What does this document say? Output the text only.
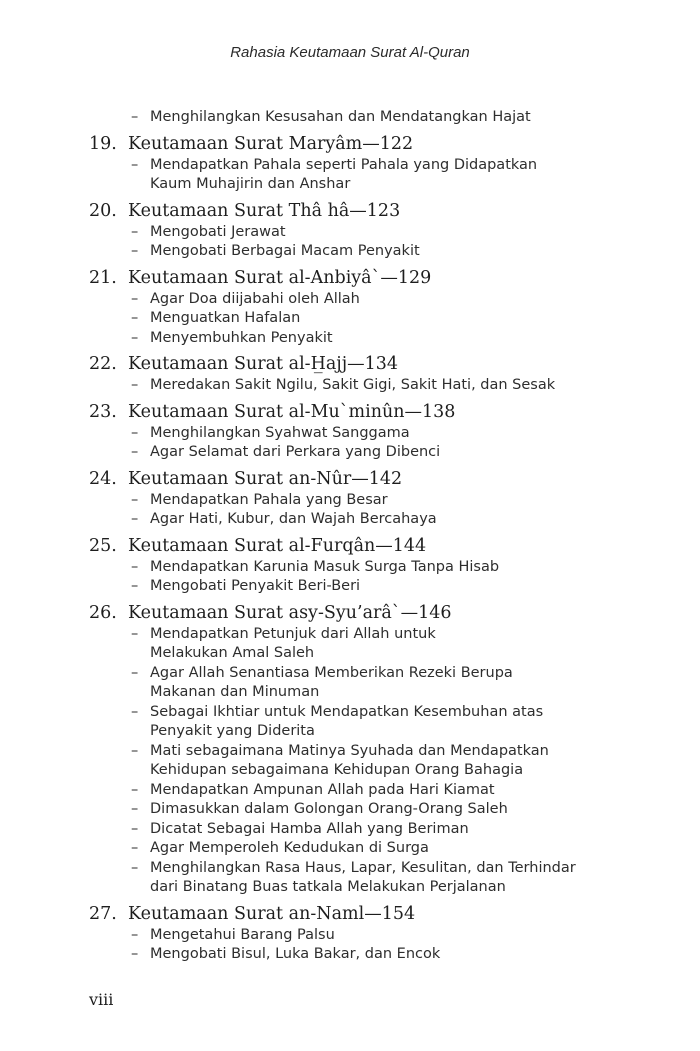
Rahasia Keutamaan Surat Al-Quran
– Menghilangkan Kesusahan dan Mendatangkan Hajat
19. Keutamaan Surat Maryâm—122
– Mendapatkan Pahala seperti Pahala yang Didapatkan
Kaum Muhajirin dan Anshar
20. Keutamaan Surat Thâ hâ—123
– Mengobati Jerawat
– Mengobati Berbagai Macam Penyakit
21. Keutamaan Surat al-Anbiyâ`—129
– Agar Doa diijabahi oleh Allah
– Menguatkan Hafalan
– Menyembuhkan Penyakit
22. Keutamaan Surat al-H̲ajj—134
– Meredakan Sakit Ngilu, Sakit Gigi, Sakit Hati, dan Sesak
23. Keutamaan Surat al-Mu`minûn—138
– Menghilangkan Syahwat Sanggama
– Agar Selamat dari Perkara yang Dibenci
24. Keutamaan Surat an-Nûr—142
– Mendapatkan Pahala yang Besar
– Agar Hati, Kubur, dan Wajah Bercahaya
25. Keutamaan Surat al-Furqân—144
– Mendapatkan Karunia Masuk Surga Tanpa Hisab
– Mengobati Penyakit Beri-Beri
26. Keutamaan Surat asy-Syu’arâ`—146
– Mendapatkan Petunjuk dari Allah untuk
Melakukan Amal Saleh
– Agar Allah Senantiasa Memberikan Rezeki Berupa
Makanan dan Minuman
– Sebagai Ikhtiar untuk Mendapatkan Kesembuhan atas
Penyakit yang Diderita
– Mati sebagaimana Matinya Syuhada dan Mendapatkan
Kehidupan sebagaimana Kehidupan Orang Bahagia
– Mendapatkan Ampunan Allah pada Hari Kiamat
– Dimasukkan dalam Golongan Orang-Orang Saleh
– Dicatat Sebagai Hamba Allah yang Beriman
– Agar Memperoleh Kedudukan di Surga
– Menghilangkan Rasa Haus, Lapar, Kesulitan, dan Terhindar
dari Binatang Buas tatkala Melakukan Perjalanan
27. Keutamaan Surat an-Naml—154
– Mengetahui Barang Palsu
– Mengobati Bisul, Luka Bakar, dan Encok
viii
